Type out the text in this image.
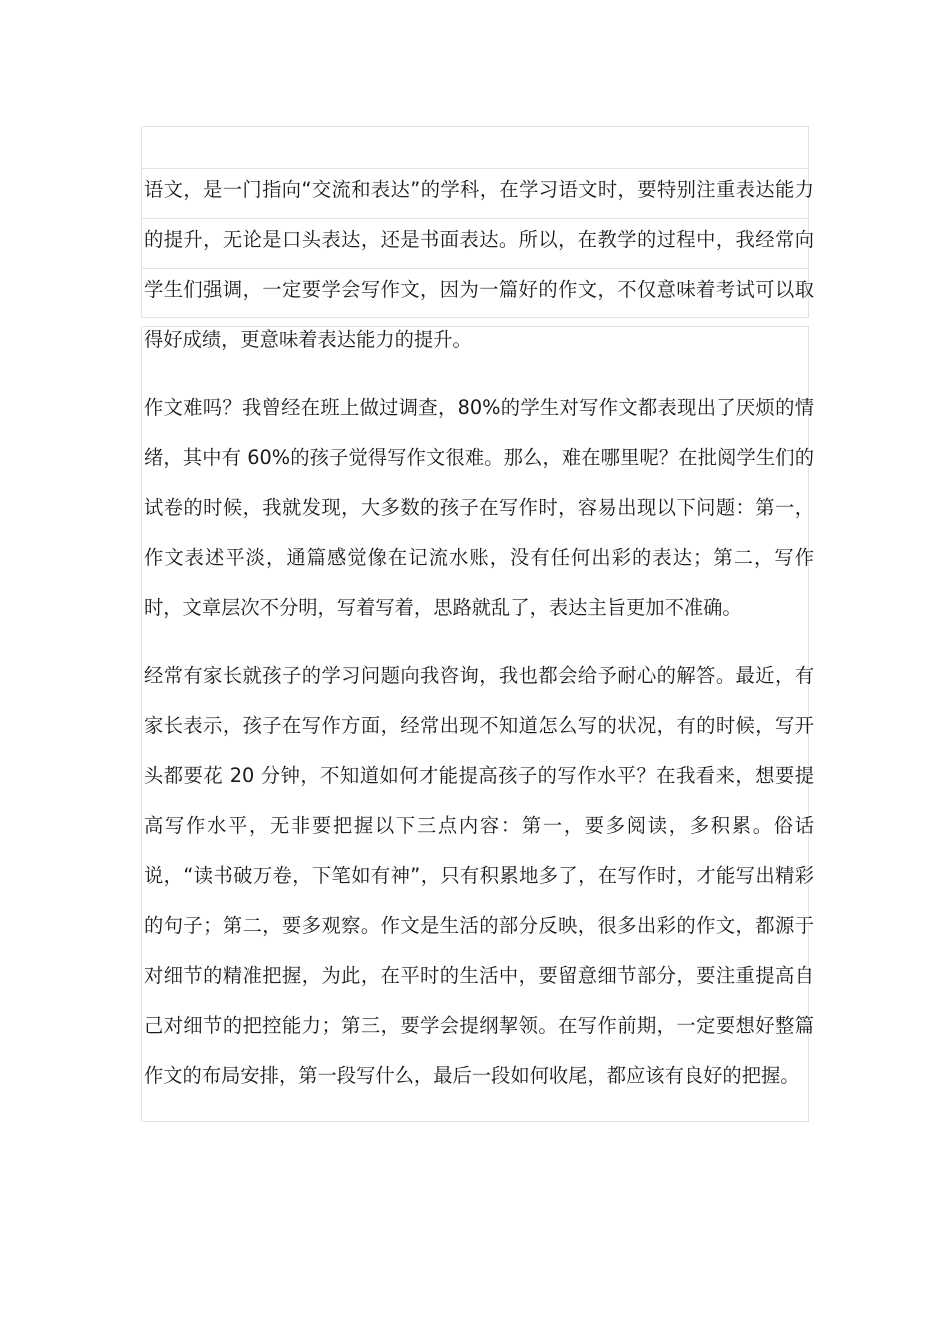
语文，是一门指向“交流和表达”的学科，在学习语文时，要特别注重表达能力的提升，无论是口头表达，还是书面表达。所以，在教学的过程中，我经常向学生们强调，一定要学会写作文，因为一篇好的作文，不仅意味着考试可以取得好成绩，更意味着表达能力的提升。

作文难吗？我曾经在班上做过调查，80%的学生对写作文都表现出了厌烦的情绪，其中有 60%的孩子觉得写作文很难。那么，难在哪里呢？在批阅学生们的试卷的时候，我就发现，大多数的孩子在写作时，容易出现以下问题：第一，作文表述平淡，通篇感觉像在记流水账，没有任何出彩的表达；第二，写作时，文章层次不分明，写着写着，思路就乱了，表达主旨更加不准确。

经常有家长就孩子的学习问题向我咨询，我也都会给予耐心的解答。最近，有家长表示，孩子在写作方面，经常出现不知道怎么写的状况，有的时候，写开头都要花 20 分钟，不知道如何才能提高孩子的写作水平？在我看来，想要提高写作水平，无非要把握以下三点内容：第一，要多阅读，多积累。俗话说，“读书破万卷，下笔如有神”，只有积累地多了，在写作时，才能写出精彩的句子；第二，要多观察。作文是生活的部分反映，很多出彩的作文，都源于对细节的精准把握，为此，在平时的生活中，要留意细节部分，要注重提高自己对细节的把控能力；第三，要学会提纲挈领。在写作前期，一定要想好整篇作文的布局安排，第一段写什么，最后一段如何收尾，都应该有良好的把握。
